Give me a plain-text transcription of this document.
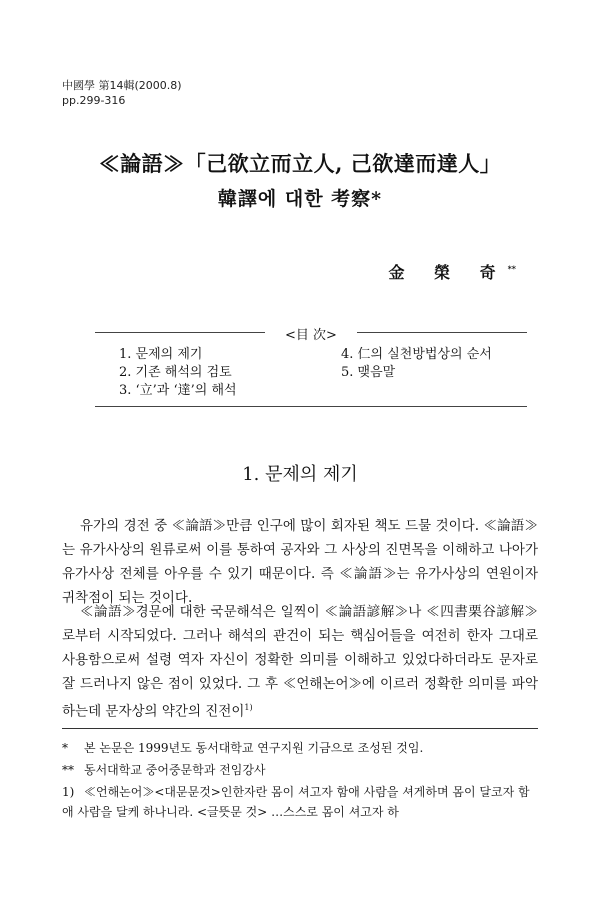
中國學 第14輯(2000.8)
pp.299-316
≪論語≫「己欲立而立人, 己欲達而達人」
韓譯에 대한 考察*
金 榮 奇**
<目 次>
1. 문제의 제기
2. 기존 해석의 검토
3. ‘立’과 ‘達’의 해석
4. 仁의 실천방법상의 순서
5. 맺음말
1. 문제의 제기
유가의 경전 중 ≪論語≫만큼 인구에 많이 회자된 책도 드물 것이다. ≪論語≫는 유가사상의 원류로써 이를 통하여 공자와 그 사상의 진면목을 이해하고 나아가 유가사상 전체를 아우를 수 있기 때문이다. 즉 ≪論語≫는 유가사상의 연원이자 귀착점이 되는 것이다.
≪論語≫경문에 대한 국문해석은 일찍이 ≪論語諺解≫나 ≪四書栗谷諺解≫로부터 시작되었다. 그러나 해석의 관건이 되는 핵심어들을 여전히 한자 그대로 사용함으로써 설령 역자 자신이 정확한 의미를 이해하고 있었다하더라도 문자로 잘 드러나지 않은 점이 있었다. 그 후 ≪언해논어≫에 이르러 정확한 의미를 파악하는데 문자상의 약간의 진전이$^{1)}$
* 본 논문은 1999년도 동서대학교 연구지원 기금으로 조성된 것임.
** 동서대학교 중어중문학과 전임강사
1) ≪언해논어≫<대문문것>인한자란 몸이 셔고자 함애 사람을 셔게하며 몸이 달코자 함애 사람을 달케 하나니라. <글뜻문 것> …스스로 몸이 셔고자 하
